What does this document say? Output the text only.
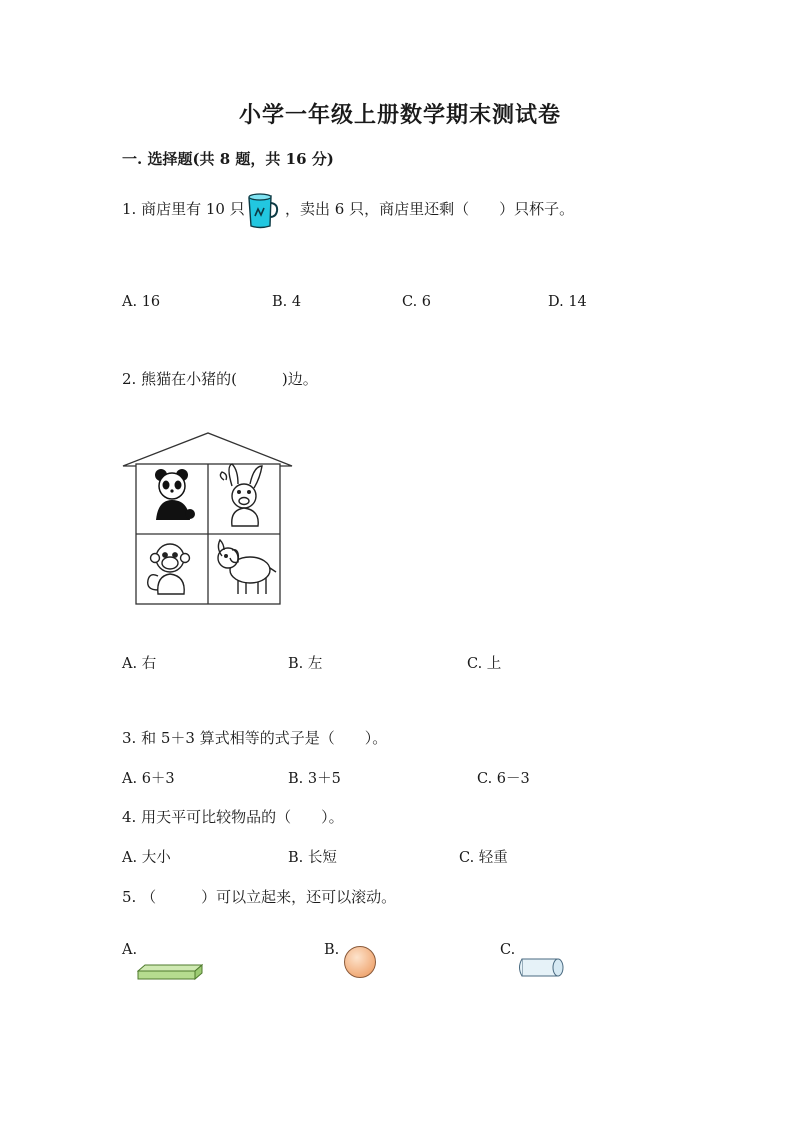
小学一年级上册数学期末测试卷
一. 选择题(共 8 题，共 16 分)
1. 商店里有 10 只	，卖出 6 只，商店里还剩（　　）只杯子。
A. 16	B. 4	C. 6	D. 14
2. 熊猫在小猪的(　　　)边。
A. 右	B. 左	C. 上
3. 和 5＋3 算式相等的式子是（　　）。
A. 6＋3	B. 3＋5	C. 6－3
4. 用天平可比较物品的（　　）。
A. 大小	B. 长短	C. 轻重
5. （　　　）可以立起来，还可以滚动。
A.	B.	C.
